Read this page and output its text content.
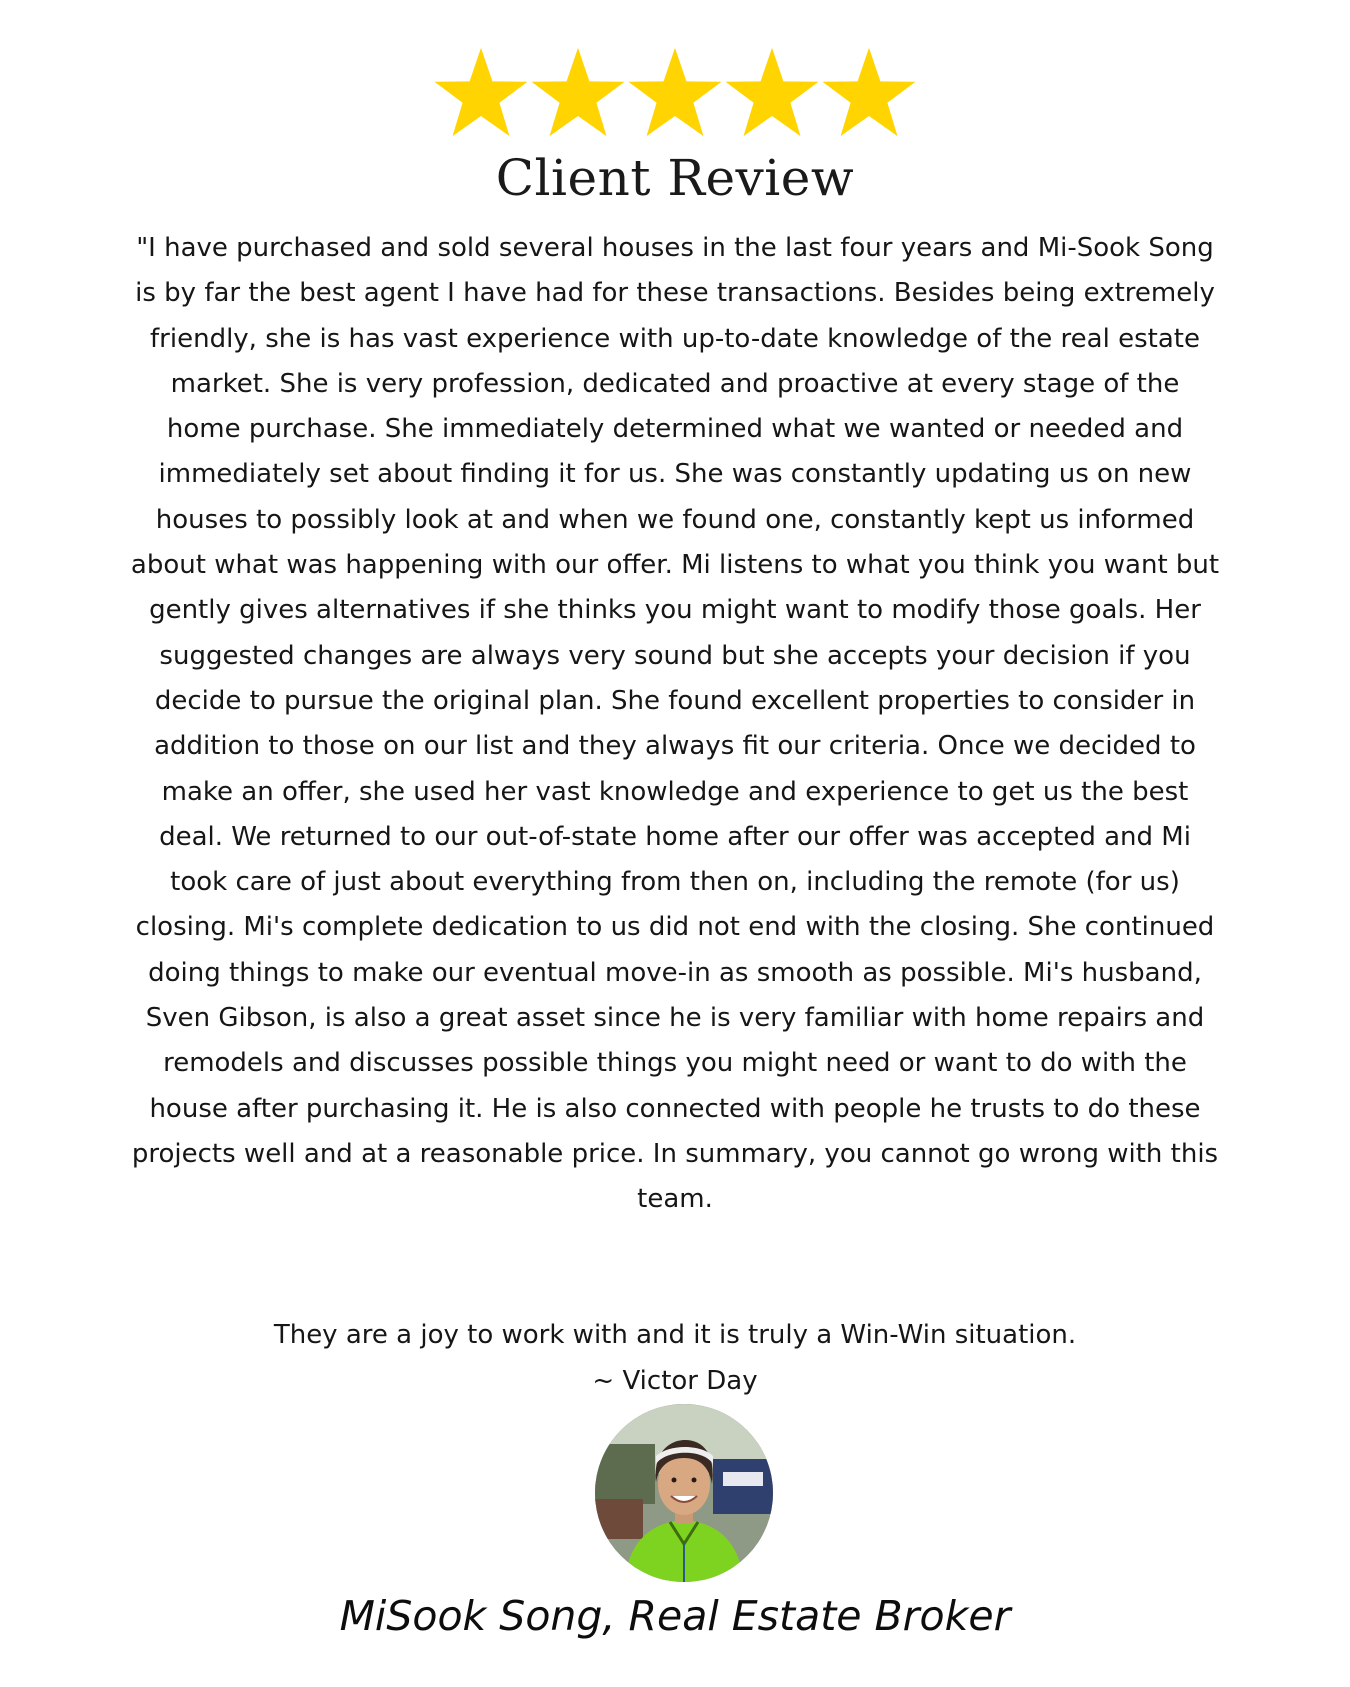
Client Review

"I have purchased and sold several houses in the last four years and Mi-Sook Song is by far the best agent I have had for these transactions. Besides being extremely friendly, she is has vast experience with up-to-date knowledge of the real estate market. She is very profession, dedicated and proactive at every stage of the home purchase. She immediately determined what we wanted or needed and immediately set about finding it for us. She was constantly updating us on new houses to possibly look at and when we found one, constantly kept us informed about what was happening with our offer. Mi listens to what you think you want but gently gives alternatives if she thinks you might want to modify those goals. Her suggested changes are always very sound but she accepts your decision if you decide to pursue the original plan. She found excellent properties to consider in addition to those on our list and they always fit our criteria. Once we decided to make an offer, she used her vast knowledge and experience to get us the best deal. We returned to our out-of-state home after our offer was accepted and Mi took care of just about everything from then on, including the remote (for us) closing. Mi's complete dedication to us did not end with the closing. She continued doing things to make our eventual move-in as smooth as possible. Mi's husband, Sven Gibson, is also a great asset since he is very familiar with home repairs and remodels and discusses possible things you might need or want to do with the house after purchasing it. He is also connected with people he trusts to do these projects well and at a reasonable price. In summary, you cannot go wrong with this team.

They are a joy to work with and it is truly a Win-Win situation.
~ Victor Day
MiSook Song, Real Estate Broker
